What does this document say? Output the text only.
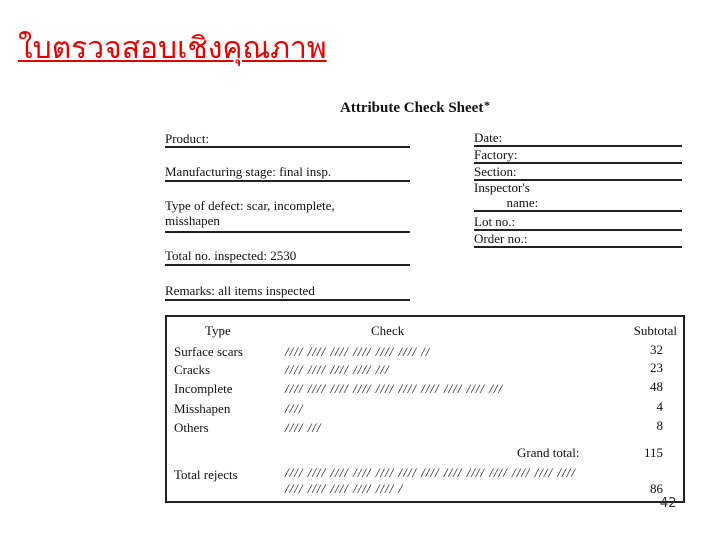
ใบตรวจสอบเชิงคุณภาพ
Attribute Check Sheet *
Product:
Manufacturing stage: final insp.
Type of defect: scar, incomplete,
misshapen
Total no. inspected: 2530
Remarks: all items inspected
Date:
Factory:
Section:
Inspector's
name:
Lot no.:
Order no.:
Type	Check	Subtotal
Surface scars	//// //// //// //// //// //// //	32
Cracks	//// //// //// //// ///	23
Incomplete	//// //// //// //// //// //// //// //// //// ///	48
Misshapen	////	4
Others	//// ///	8
Grand total:	115
Total rejects	//// //// //// //// //// //// //// //// //// //// //// //// ////
//// //// //// //// //// /	86
42
